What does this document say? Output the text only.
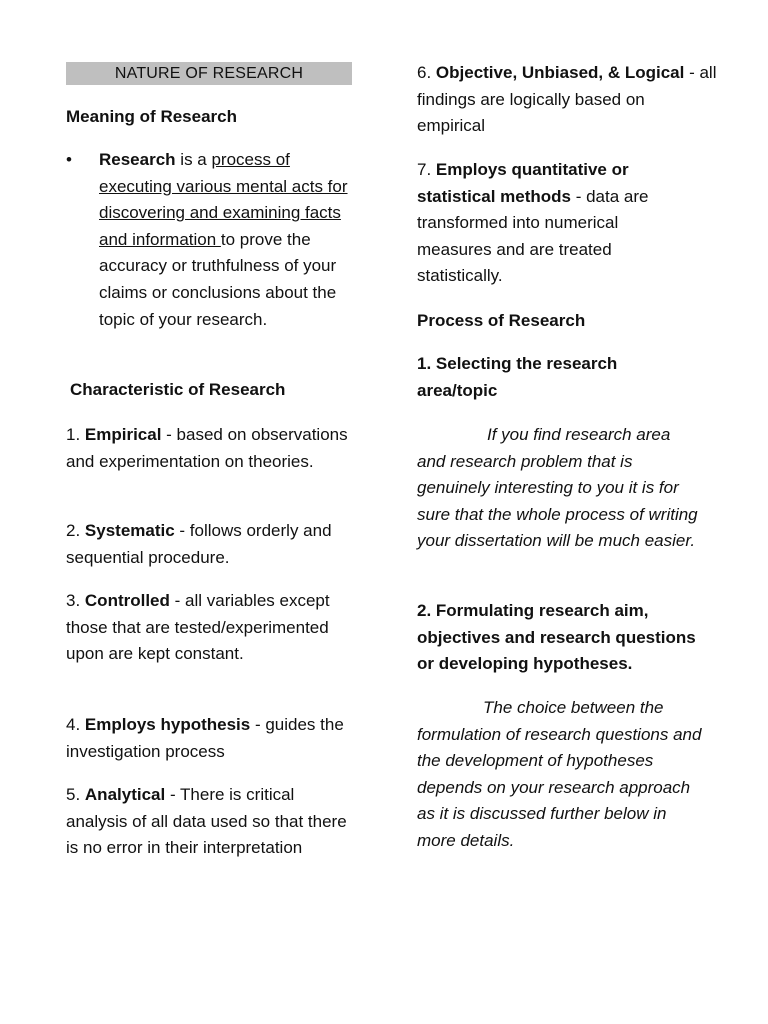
NATURE OF RESEARCH
Meaning of Research
• Research is a process of executing various mental acts for discovering and examining facts and information to prove the accuracy or truthfulness of your claims or conclusions about the topic of your research.
Characteristic of Research
1. Empirical - based on observations and experimentation on theories.
2. Systematic - follows orderly and sequential procedure.
3. Controlled - all variables except those that are tested/experimented upon are kept constant.
4. Employs hypothesis - guides the investigation process
5. Analytical - There is critical analysis of all data used so that there is no error in their interpretation
6. Objective, Unbiased, & Logical - all findings are logically based on empirical
7. Employs quantitative or statistical methods - data are transformed into numerical measures and are treated statistically.
Process of Research
1. Selecting the research area/topic
If you find research area and research problem that is genuinely interesting to you it is for sure that the whole process of writing your dissertation will be much easier.
2. Formulating research aim, objectives and research questions or developing hypotheses.
The choice between the formulation of research questions and the development of hypotheses depends on your research approach as it is discussed further below in more details.
